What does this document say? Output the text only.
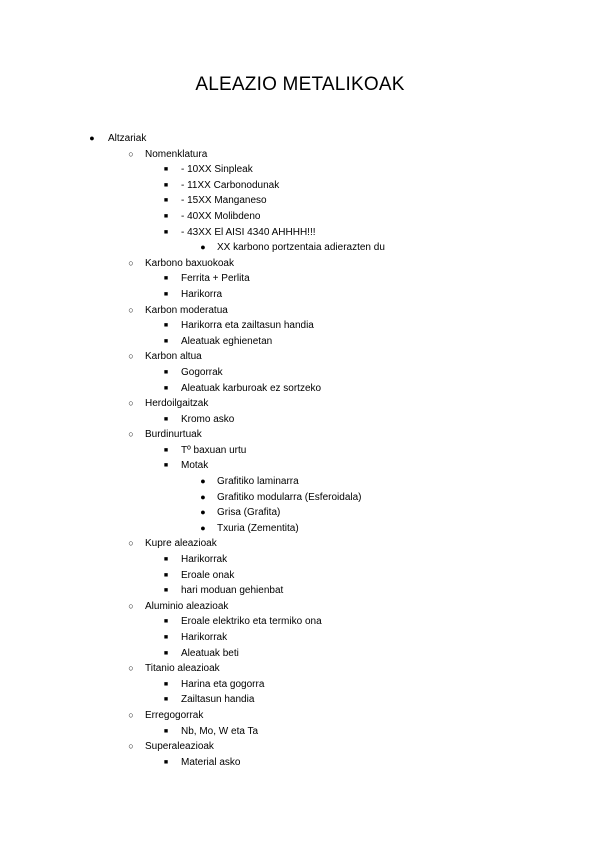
ALEAZIO METALIKOAK
●	Altzariak
○	Nomenklatura
■	- 10XX Sinpleak
■	- 11XX Carbonodunak
■	- 15XX Manganeso
■	- 40XX Molibdeno
■	- 43XX El AISI 4340 AHHHH!!!
●	XX karbono portzentaia adierazten du
○	Karbono baxuokoak
■	Ferrita + Perlita
■	Harikorra
○	Karbon moderatua
■	Harikorra eta zailtasun handia
■	Aleatuak eghienetan
○	Karbon altua
■	Gogorrak
■	Aleatuak karburoak ez sortzeko
○	Herdoilgaitzak
■	Kromo asko
○	Burdinurtuak
■	Tº baxuan urtu
■	Motak
●	Grafitiko laminarra
●	Grafitiko modularra (Esferoidala)
●	Grisa (Grafita)
●	Txuria (Zementita)
○	Kupre aleazioak
■	Harikorrak
■	Eroale onak
■	hari moduan gehienbat
○	Aluminio aleazioak
■	Eroale elektriko eta termiko ona
■	Harikorrak
■	Aleatuak beti
○	Titanio aleazioak
■	Harina eta gogorra
■	Zailtasun handia
○	Erregogorrak
■	Nb, Mo, W eta Ta
○	Superaleazioak
■	Material asko
